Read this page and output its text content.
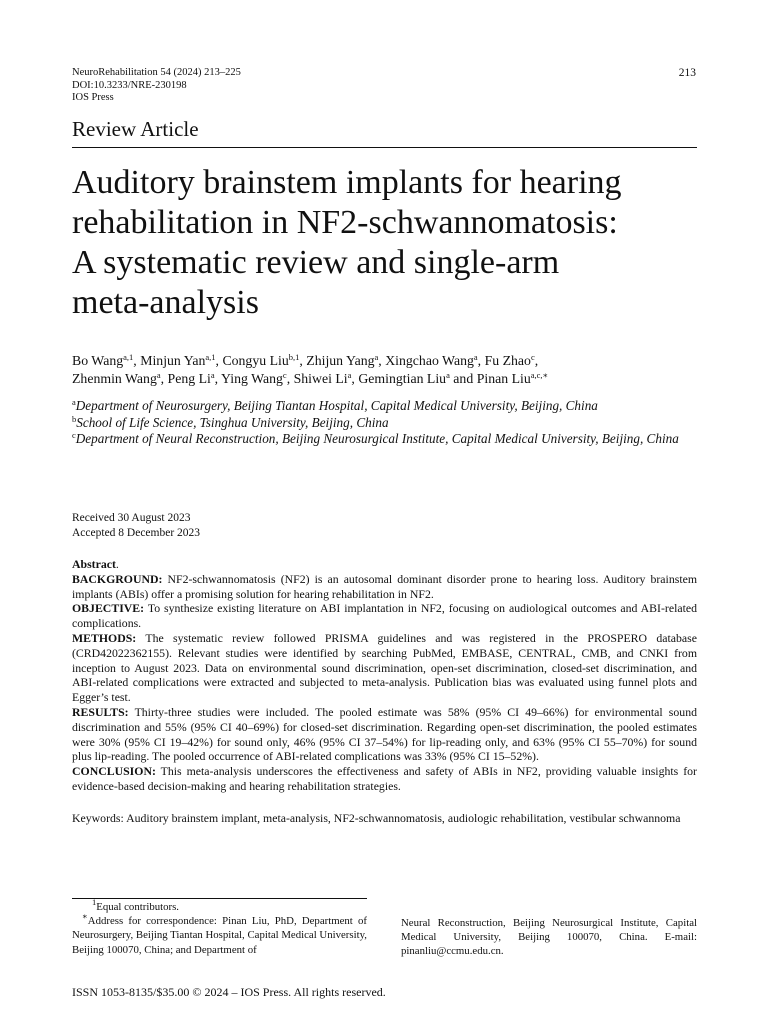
NeuroRehabilitation 54 (2024) 213–225
DOI:10.3233/NRE-230198
IOS Press
213
Review Article
Auditory brainstem implants for hearing
rehabilitation in NF2-schwannomatosis:
A systematic review and single-arm
meta-analysis
Bo Wang$^{a,1}$, Minjun Yan$^{a,1}$, Congyu Liu$^{b,1}$, Zhijun Yang$^a$, Xingchao Wang$^a$, Fu Zhao$^c$,
Zhenmin Wang$^a$, Peng Li$^a$, Ying Wang$^c$, Shiwei Li$^a$, Gemingtian Liu$^a$ and Pinan Liu$^{a,c,∗}$
$^a$Department of Neurosurgery, Beijing Tiantan Hospital, Capital Medical University, Beijing, China
$^b$School of Life Science, Tsinghua University, Beijing, China
$^c$Department of Neural Reconstruction, Beijing Neurosurgical Institute, Capital Medical University, Beijing, China
Received 30 August 2023
Accepted 8 December 2023

Abstract.

BACKGROUND: NF2-schwannomatosis (NF2) is an autosomal dominant disorder prone to hearing loss. Auditory brainstem implants (ABIs) offer a promising solution for hearing rehabilitation in NF2.

OBJECTIVE: To synthesize existing literature on ABI implantation in NF2, focusing on audiological outcomes and ABI-related complications.

METHODS: The systematic review followed PRISMA guidelines and was registered in the PROSPERO database (CRD42022362155). Relevant studies were identified by searching PubMed, EMBASE, CENTRAL, CMB, and CNKI from inception to August 2023. Data on environmental sound discrimination, open-set discrimination, closed-set discrimination, and ABI-related complications were extracted and subjected to meta-analysis. Publication bias was evaluated using funnel plots and Egger’s test.

RESULTS: Thirty-three studies were included. The pooled estimate was 58% (95% CI 49–66%) for environmental sound discrimination and 55% (95% CI 40–69%) for closed-set discrimination. Regarding open-set discrimination, the pooled estimates were 30% (95% CI 19–42%) for sound only, 46% (95% CI 37–54%) for lip-reading only, and 63% (95% CI 55–70%) for sound plus lip-reading. The pooled occurrence of ABI-related complications was 33% (95% CI 15–52%).

CONCLUSION: This meta-analysis underscores the effectiveness and safety of ABIs in NF2, providing valuable insights for evidence-based decision-making and hearing rehabilitation strategies.

Keywords: Auditory brainstem implant, meta-analysis, NF2-schwannomatosis, audiologic rehabilitation, vestibular schwannoma

$^1$Equal contributors.

∗Address for correspondence: Pinan Liu, PhD, Department of Neurosurgery, Beijing Tiantan Hospital, Capital Medical University, Beijing 100070, China; and Department of

Neural Reconstruction, Beijing Neurosurgical Institute, Capital Medical University, Beijing 100070, China. E-mail: pinanliu@ccmu.edu.cn.
ISSN 1053-8135/$35.00 © 2024 – IOS Press. All rights reserved.
